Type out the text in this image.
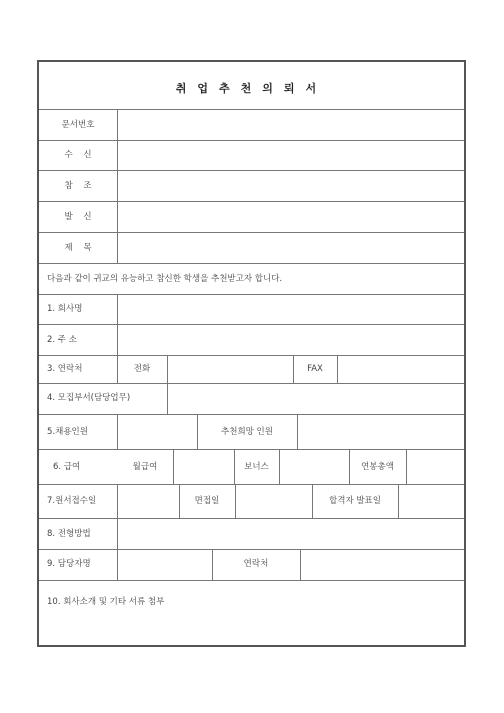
취업추천의뢰서
문서번호
수 신
참 조
발 신
제 목
다음과 같이 귀교의 유능하고 참신한 학생을 추천받고자 합니다.
1. 회사명
2. 주 소
3. 연락처	전화	FAX
4. 모집부서(담당업무)
5.채용인원	추천희망 인원
6. 급여	월급여	보너스	연봉총액
7.원서접수일	면접일	합격자 발표일
8. 전형방법
9. 담당자명	연락처
10. 회사소개 및 기타 서류 첨부
